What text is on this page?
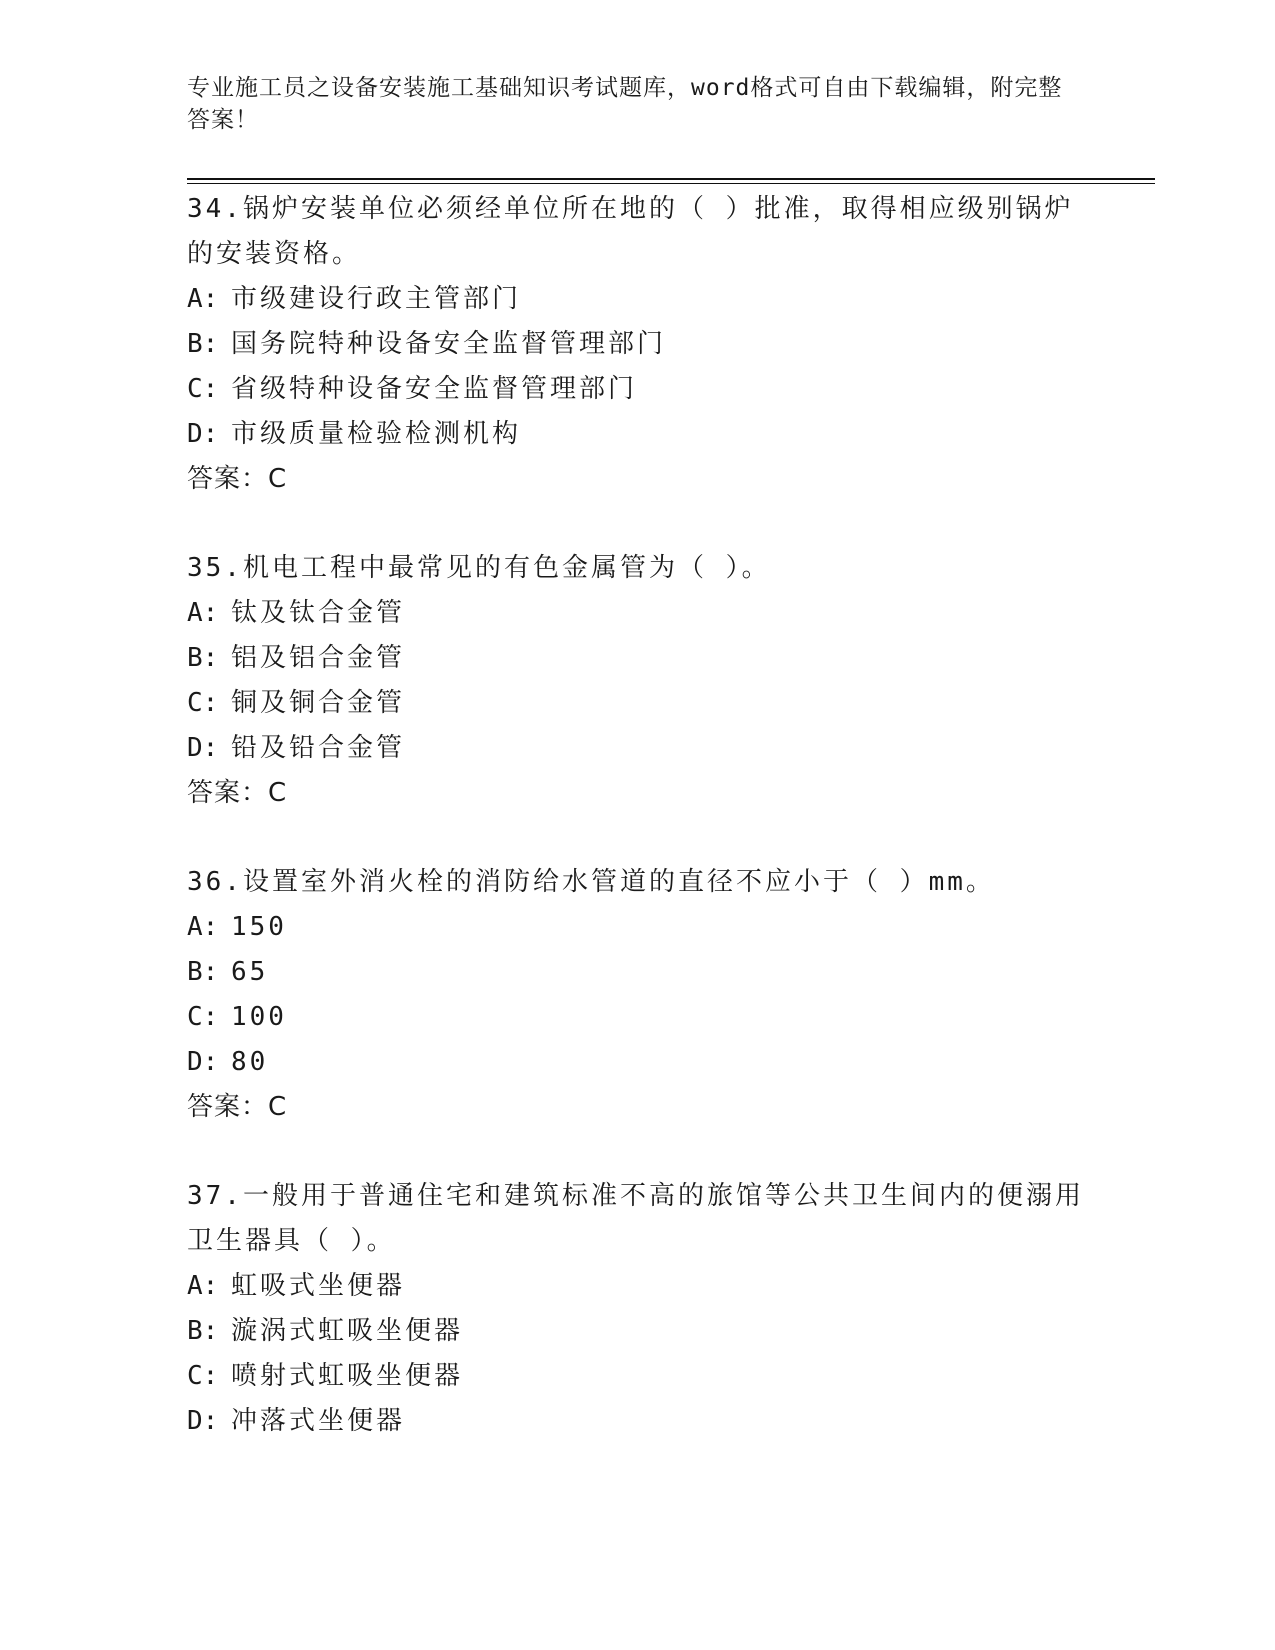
专业施工员之设备安装施工基础知识考试题库，word格式可自由下载编辑，附完整答案！

34.锅炉安装单位必须经单位所在地的（ ）批准，取得相应级别锅炉的安装资格。

A: 市级建设行政主管部门

B: 国务院特种设备安全监督管理部门

C: 省级特种设备安全监督管理部门

D: 市级质量检验检测机构

答案：C

35.机电工程中最常见的有色金属管为（ ）。

A: 钛及钛合金管

B: 铝及铝合金管

C: 铜及铜合金管

D: 铅及铅合金管

答案：C

36.设置室外消火栓的消防给水管道的直径不应小于（ ）mm。

A: 150

B: 65

C: 100

D: 80

答案：C

37.一般用于普通住宅和建筑标准不高的旅馆等公共卫生间内的便溺用卫生器具（ ）。

A: 虹吸式坐便器

B: 漩涡式虹吸坐便器

C: 喷射式虹吸坐便器

D: 冲落式坐便器
